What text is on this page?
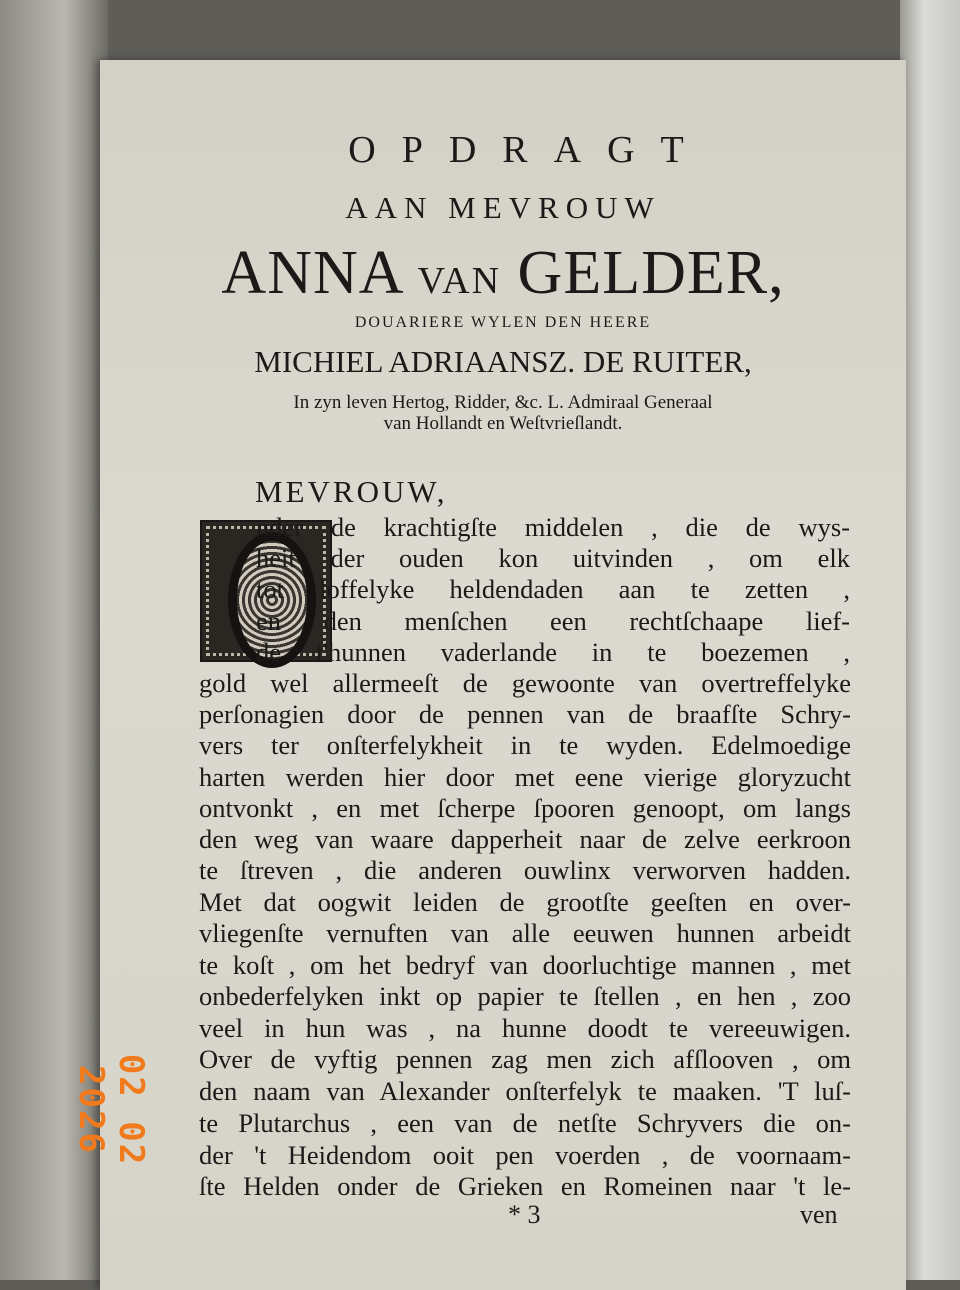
OPDRAGT
AAN MEVROUW
ANNA VAN GELDER,
DOUARIERE WYLEN DEN HEERE
MICHIEL ADRIAANSZ. DE RUITER,
In zyn leven Hertog, Ridder, &c. L. Admiraal Generaal
van Hollandt en Weſtvrieſlandt.
MEVROUW,
nder de krachtigſte middelen , die de wys-
heit der ouden kon uitvinden , om elk
tot loffelyke heldendaden aan te zetten ,
en den menſchen een rechtſchaape lief-
de t'hunnen vaderlande in te boezemen ,
gold wel allermeeſt de gewoonte van overtreffelyke
perſonagien door de pennen van de braafſte Schry-
vers ter onſterfelykheit in te wyden. Edelmoedige
harten werden hier door met eene vierige gloryzucht
ontvonkt , en met ſcherpe ſpooren genoopt, om langs
den weg van waare dapperheit naar de zelve eerkroon
te ſtreven , die anderen ouwlinx verworven hadden.
Met dat oogwit leiden de grootſte geeſten en over-
vliegenſte vernuften van alle eeuwen hunnen arbeidt
te koſt , om het bedryf van doorluchtige mannen , met
onbederfelyken inkt op papier te ſtellen , en hen , zoo
veel in hun was , na hunne doodt te vereeuwigen.
Over de vyftig pennen zag men zich afſlooven , om
den naam van Alexander onſterfelyk te maaken. 'T luſ-
te Plutarchus , een van de netſte Schryvers die on-
der 't Heidendom ooit pen voerden , de voornaam-
ſte Helden onder de Grieken en Romeinen naar 't le-
* 3	ven
02 02 2026
